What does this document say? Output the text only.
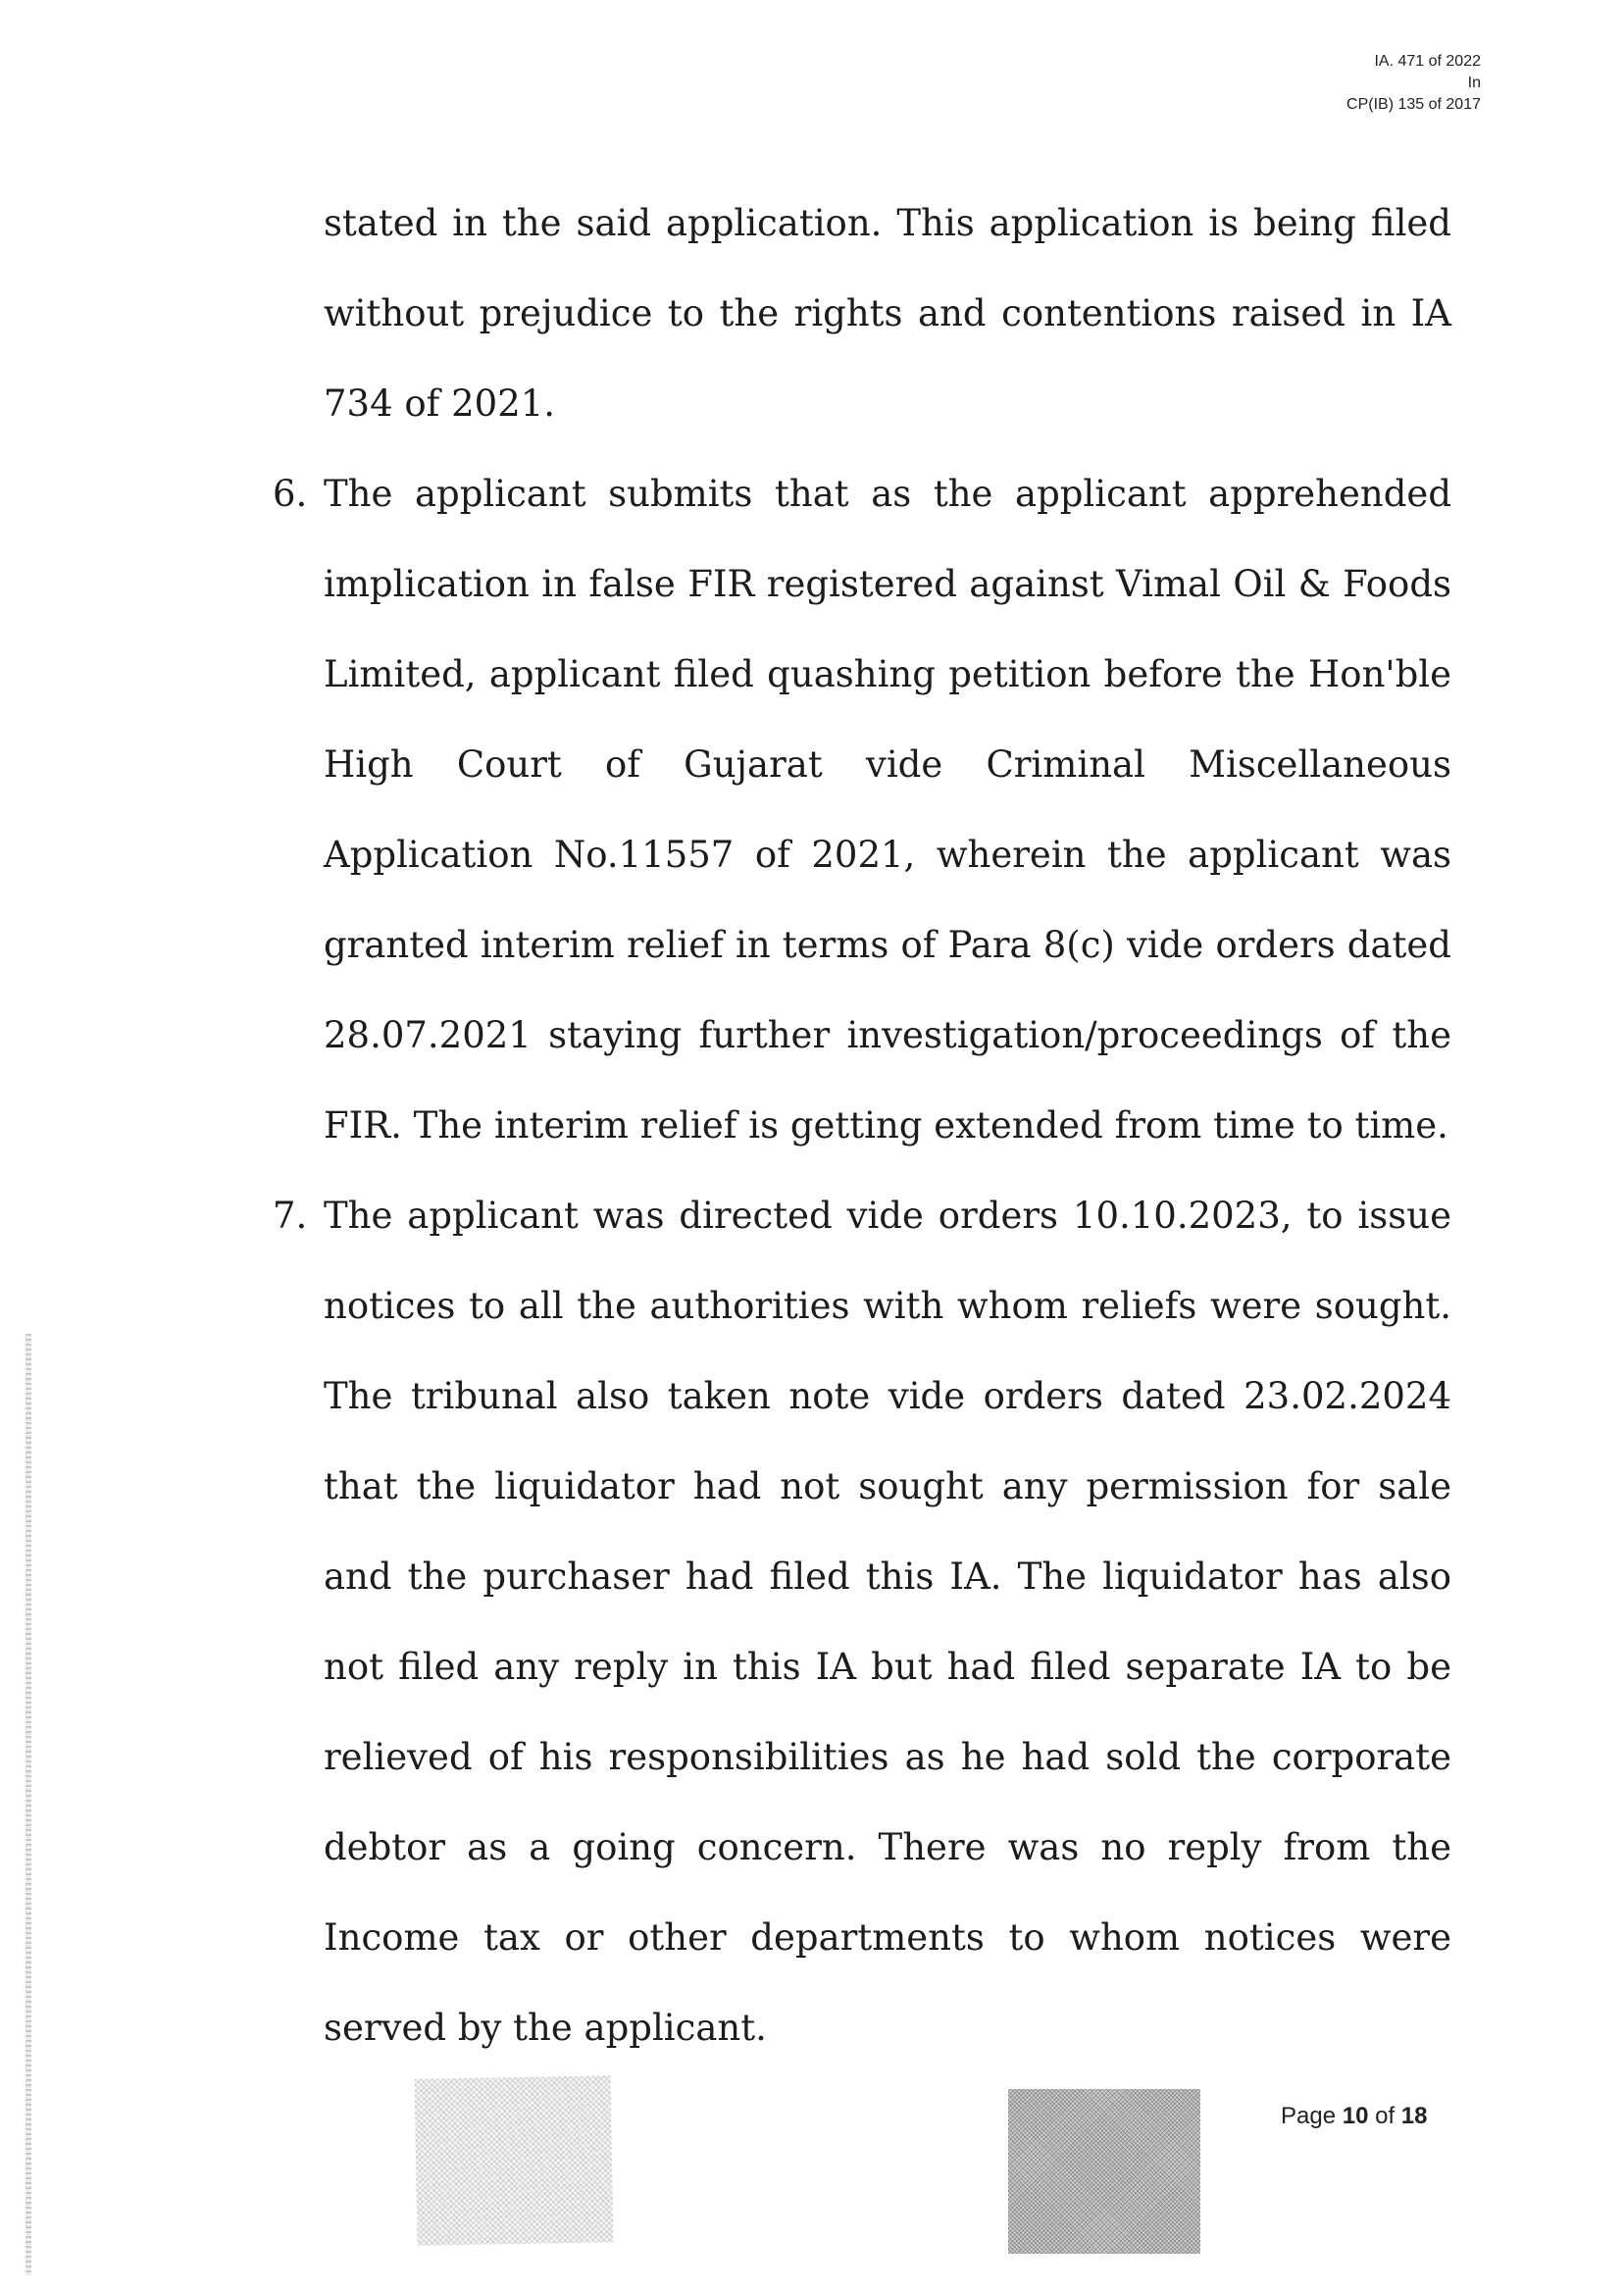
IA. 471 of 2022
In
CP(IB) 135 of 2017

stated in the said application. This application is being filed without prejudice to the rights and contentions raised in IA 734 of 2021.

6. The applicant submits that as the applicant apprehended implication in false FIR registered against Vimal Oil & Foods Limited, applicant filed quashing petition before the Hon'ble High Court of Gujarat vide Criminal Miscellaneous Application No.11557 of 2021, wherein the applicant was granted interim relief in terms of Para 8(c) vide orders dated 28.07.2021 staying further investigation/proceedings of the FIR. The interim relief is getting extended from time to time.

7. The applicant was directed vide orders 10.10.2023, to issue notices to all the authorities with whom reliefs were sought. The tribunal also taken note vide orders dated 23.02.2024 that the liquidator had not sought any permission for sale and the purchaser had filed this IA. The liquidator has also not filed any reply in this IA but had filed separate IA to be relieved of his responsibilities as he had sold the corporate debtor as a going concern. There was no reply from the Income tax or other departments to whom notices were served by the applicant.

Page 10 of 18
